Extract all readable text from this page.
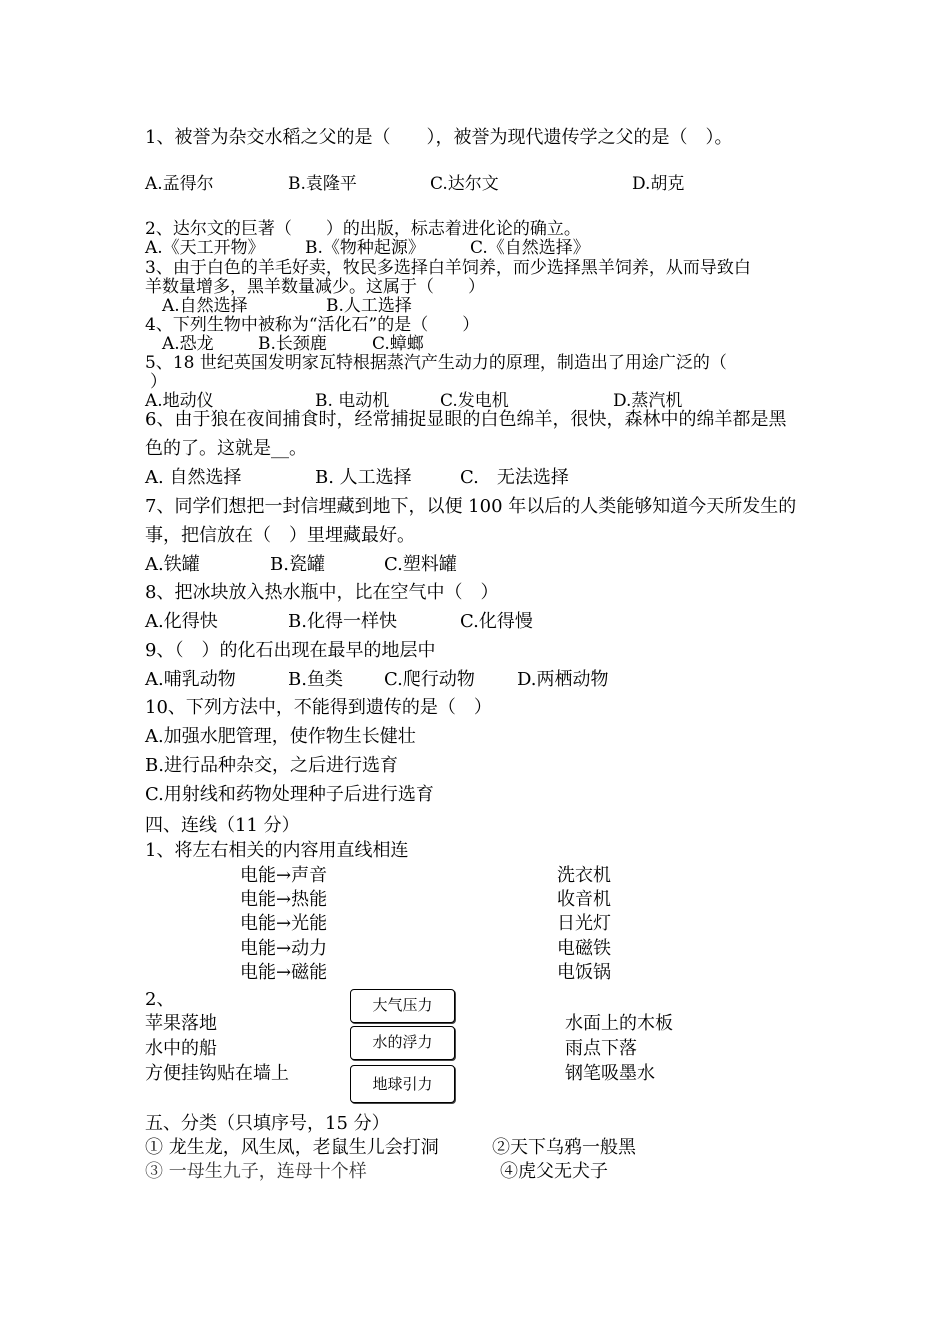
1、被誉为杂交水稻之父的是（　　），被誉为现代遗传学之父的是（　）。
A.孟得尔	B.袁隆平	C.达尔文	D.胡克
2、达尔文的巨著（　　）的出版，标志着进化论的确立。
A.《天工开物》 B.《物种起源》	C.《自然选择》
3、由于白色的羊毛好卖，牧民多选择白羊饲养，而少选择黑羊饲养，从而导致白
羊数量增多，黑羊数量减少。这属于（　　）
A.自然选择	B.人工选择
4、下列生物中被称为“活化石”的是（　　）
A.恐龙	B.长颈鹿	C.蟑螂
5、18 世纪英国发明家瓦特根据蒸汽产生动力的原理，制造出了用途广泛的（
）
A.地动仪	B. 电动机	C.发电机	D.蒸汽机
6、由于狼在夜间捕食时，经常捕捉显眼的白色绵羊，很快，森林中的绵羊都是黑
色的了。这就是__。
A. 自然选择	B. 人工选择	C.　无法选择
7、同学们想把一封信埋藏到地下，以便 100 年以后的人类能够知道今天所发生的
事，把信放在（　）里埋藏最好。
A.铁罐	B.瓷罐	C.塑料罐
8、把冰块放入热水瓶中，比在空气中（　）
A.化得快	B.化得一样快	C.化得慢
9、（　）的化石出现在最早的地层中
A.哺乳动物	B.鱼类 C.爬行动物 D.两栖动物
10、下列方法中，不能得到遗传的是（　）
A.加强水肥管理，使作物生长健壮
B.进行品种杂交，之后进行选育
C.用射线和药物处理种子后进行选育
四、连线（11 分）
1、将左右相关的内容用直线相连
电能→声音
电能→热能
电能→光能
电能→动力
电能→磁能
洗衣机
收音机
日光灯
电磁铁
电饭锅
2、
苹果落地
水中的船
方便挂钩贴在墙上
大气压力
水的浮力
地球引力
水面上的木板
雨点下落
钢笔吸墨水
五、分类（只填序号，15 分）
① 龙生龙，风生凤，老鼠生儿会打洞	②天下乌鸦一般黑
③ 一母生九子，连母十个样	④虎父无犬子
